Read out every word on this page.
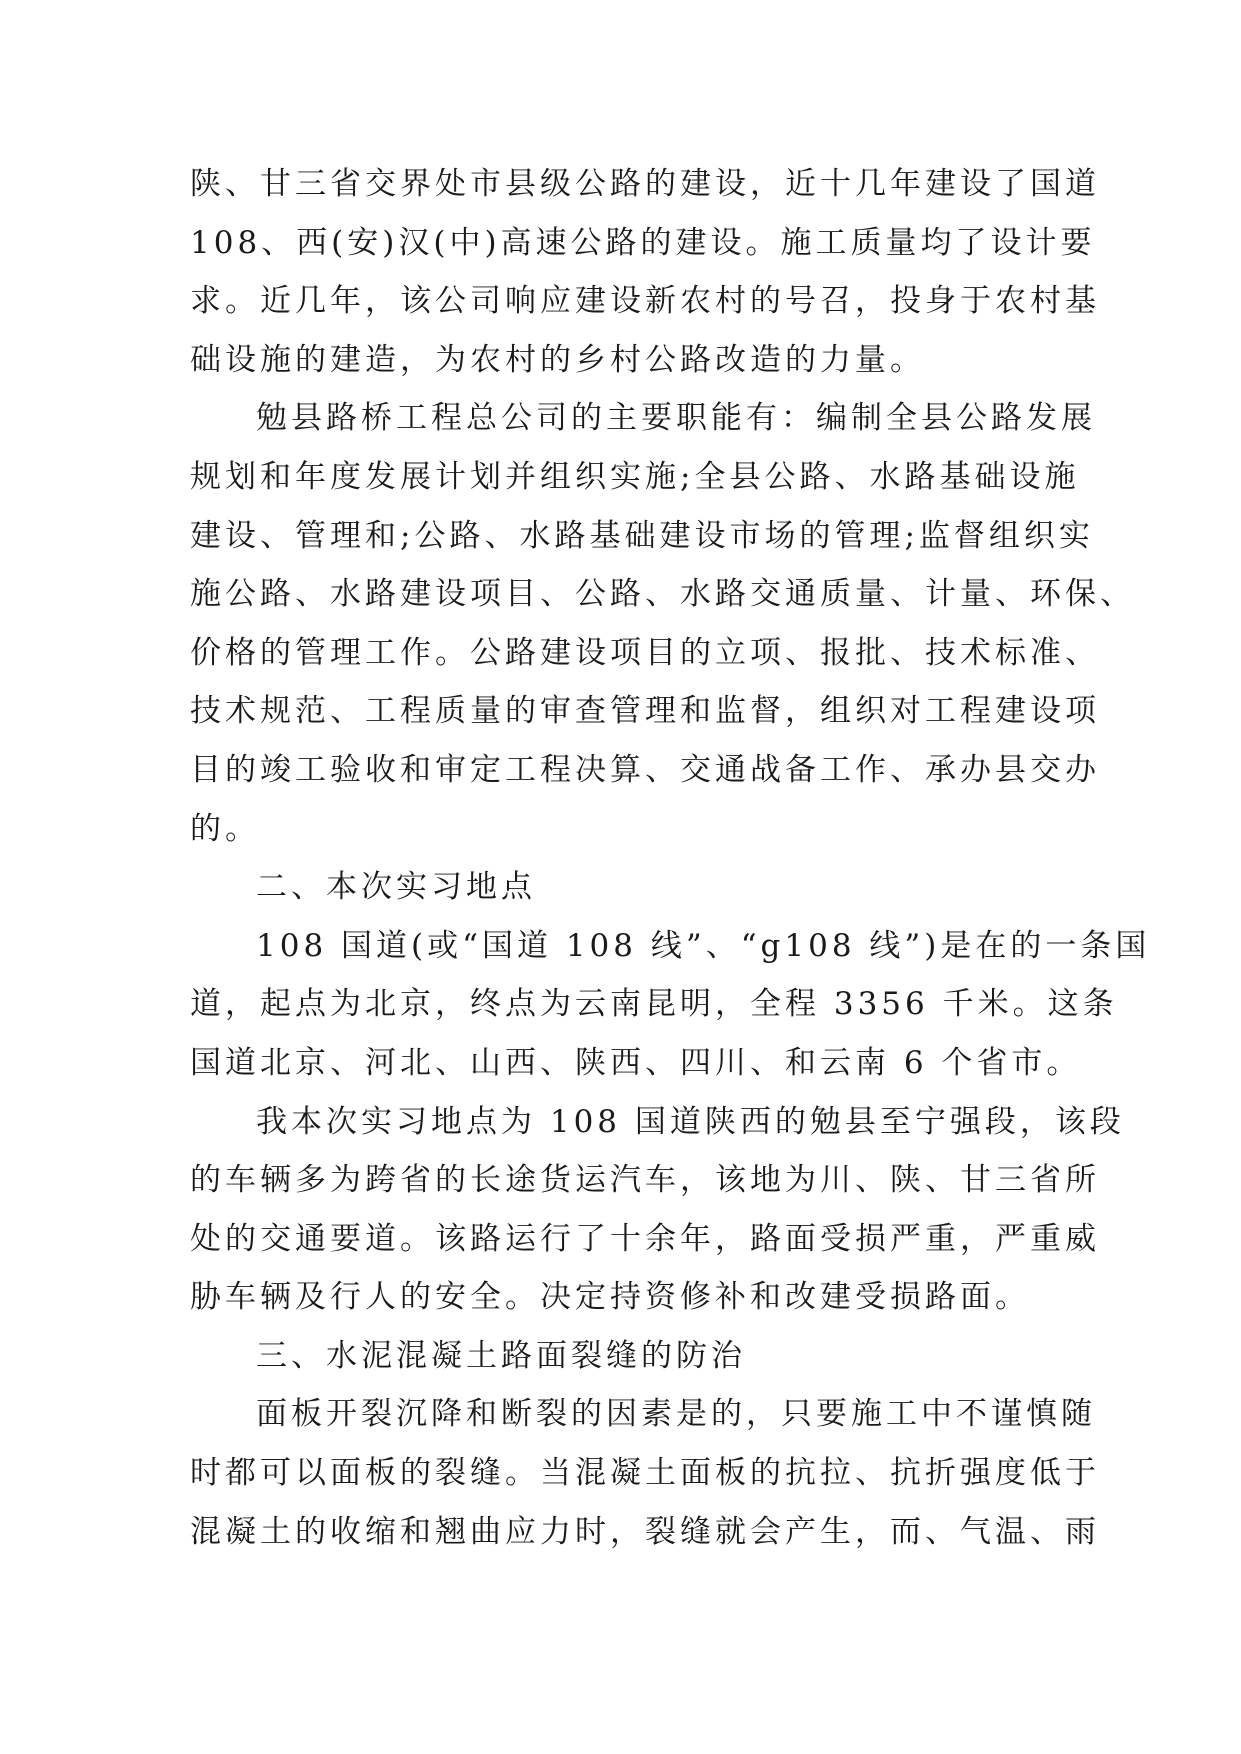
陕、甘三省交界处市县级公路的建设，近十几年建设了国道
108、西(安)汉(中)高速公路的建设。施工质量均了设计要
求。近几年，该公司响应建设新农村的号召，投身于农村基
础设施的建造，为农村的乡村公路改造的力量。
勉县路桥工程总公司的主要职能有：编制全县公路发展
规划和年度发展计划并组织实施;全县公路、水路基础设施
建设、管理和;公路、水路基础建设市场的管理;监督组织实
施公路、水路建设项目、公路、水路交通质量、计量、环保、
价格的管理工作。公路建设项目的立项、报批、技术标准、
技术规范、工程质量的审查管理和监督，组织对工程建设项
目的竣工验收和审定工程决算、交通战备工作、承办县交办
的。
二、本次实习地点
108 国道(或“国道 108 线”、“g108 线”)是在的一条国
道，起点为北京，终点为云南昆明，全程 3356 千米。这条
国道北京、河北、山西、陕西、四川、和云南 6 个省市。
我本次实习地点为 108 国道陕西的勉县至宁强段，该段
的车辆多为跨省的长途货运汽车，该地为川、陕、甘三省所
处的交通要道。该路运行了十余年，路面受损严重，严重威
胁车辆及行人的安全。决定持资修补和改建受损路面。
三、水泥混凝土路面裂缝的防治
面板开裂沉降和断裂的因素是的，只要施工中不谨慎随
时都可以面板的裂缝。当混凝土面板的抗拉、抗折强度低于
混凝土的收缩和翘曲应力时，裂缝就会产生，而、气温、雨
